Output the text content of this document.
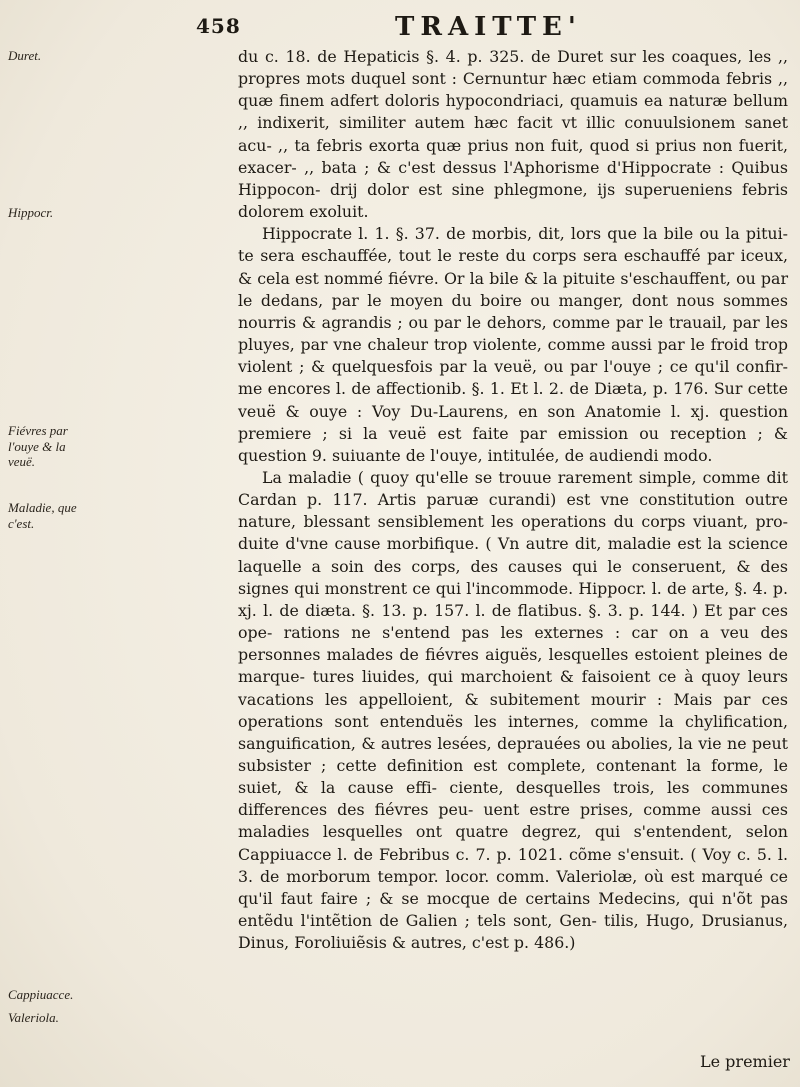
458	TRAITTE'
Duret.
Hippocr.
Fiévres par l'ouye & la veuë.
Maladie, que c'est.
Cappiuacce.
Valeriola.

du c. 18. de Hepaticis §. 4. p. 325. de Duret sur les coaques, les ,, propres mots duquel sont : Cernuntur hæc etiam commoda febris ,, quæ finem adfert doloris hypocondriaci, quamuis ea naturæ bellum ,, indixerit, similiter autem hæc facit vt illic conuulsionem sanet acu- ,, ta febris exorta quæ prius non fuit, quod si prius non fuerit, exacer- ,, bata ; & c'est dessus l'Aphorisme d'Hippocrate : Quibus Hippocon- drij dolor est sine phlegmone, ijs superueniens febris dolorem exoluit.

Hippocrate l. 1. §. 37. de morbis, dit, lors que la bile ou la pitui- te sera eschauffée, tout le reste du corps sera eschauffé par iceux, & cela est nommé fiévre. Or la bile & la pituite s'eschauffent, ou par le dedans, par le moyen du boire ou manger, dont nous sommes nourris & agrandis ; ou par le dehors, comme par le trauail, par les pluyes, par vne chaleur trop violente, comme aussi par le froid trop violent ; & quelquesfois par la veuë, ou par l'ouye ; ce qu'il confir- me encores l. de affectionib. §. 1. Et l. 2. de Diæta, p. 176. Sur cette veuë & ouye : Voy Du-Laurens, en son Anatomie l. xj. question premiere ; si la veuë est faite par emission ou reception ; & question 9. suiuante de l'ouye, intitulée, de audiendi modo.

La maladie ( quoy qu'elle se trouue rarement simple, comme dit Cardan p. 117. Artis paruæ curandi) est vne constitution outre nature, blessant sensiblement les operations du corps viuant, pro- duite d'vne cause morbifique. ( Vn autre dit, maladie est la science laquelle a soin des corps, des causes qui le conseruent, & des signes qui monstrent ce qui l'incommode. Hippocr. l. de arte, §. 4. p. xj. l. de diæta. §. 13. p. 157. l. de flatibus. §. 3. p. 144. ) Et par ces ope- rations ne s'entend pas les externes : car on a veu des personnes malades de fiévres aiguës, lesquelles estoient pleines de marque- tures liuides, qui marchoient & faisoient ce à quoy leurs vacations les appelloient, & subitement mourir : Mais par ces operations sont entenduës les internes, comme la chylification, sanguification, & autres lesées, deprauées ou abolies, la vie ne peut subsister ; cette definition est complete, contenant la forme, le suiet, & la cause effi- ciente, desquelles trois, les communes differences des fiévres peu- uent estre prises, comme aussi ces maladies lesquelles ont quatre degrez, qui s'entendent, selon Cappiuacce l. de Febribus c. 7. p. 1021. cõme s'ensuit. ( Voy c. 5. l. 3. de morborum tempor. locor. comm. Valeriolæ, où est marqué ce qu'il faut faire ; & se mocque de certains Medecins, qui n'õt pas entẽdu l'intẽtion de Galien ; tels sont, Gen- tilis, Hugo, Drusianus, Dinus, Foroliuiẽsis & autres, c'est p. 486.)

Le premier
